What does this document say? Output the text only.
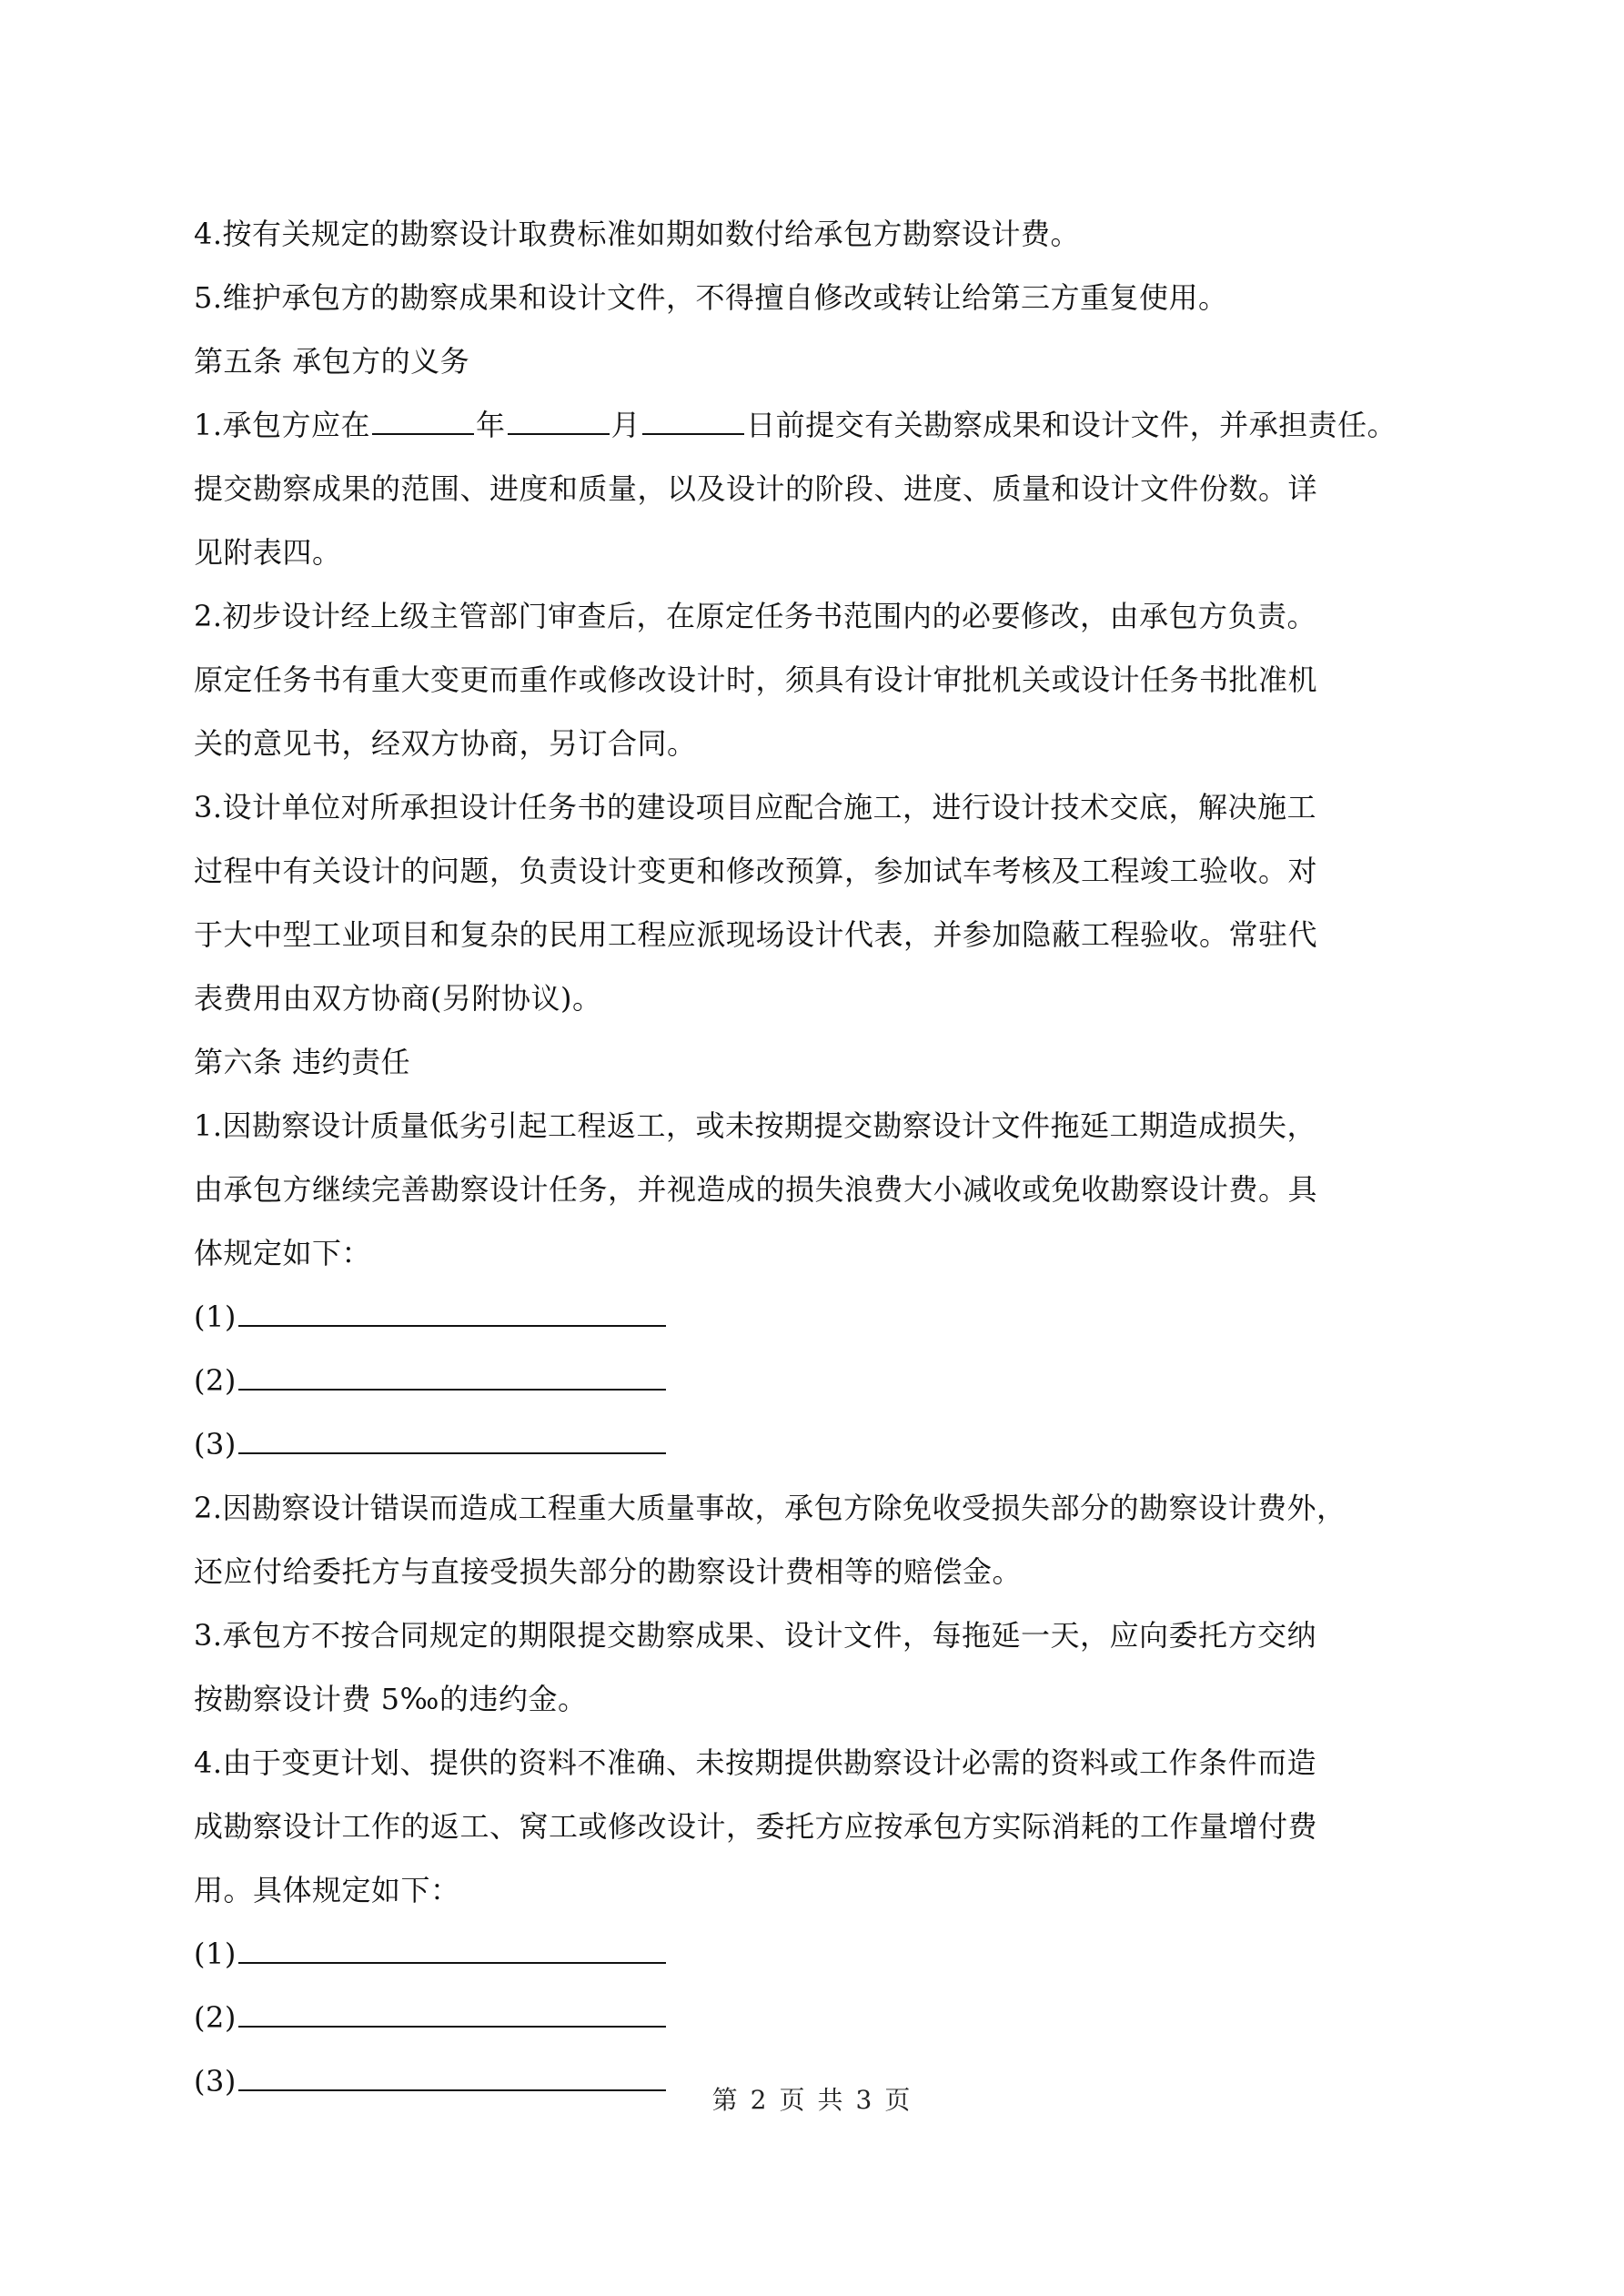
4.按有关规定的勘察设计取费标准如期如数付给承包方勘察设计费。
5.维护承包方的勘察成果和设计文件，不得擅自修改或转让给第三方重复使用。
第五条 承包方的义务
1.承包方应在	年	月	日前提交有关勘察成果和设计文件，并承担责任。
提交勘察成果的范围、进度和质量，以及设计的阶段、进度、质量和设计文件份数。详
见附表四。
2.初步设计经上级主管部门审查后，在原定任务书范围内的必要修改，由承包方负责。
原定任务书有重大变更而重作或修改设计时，须具有设计审批机关或设计任务书批准机
关的意见书，经双方协商，另订合同。
3.设计单位对所承担设计任务书的建设项目应配合施工，进行设计技术交底，解决施工
过程中有关设计的问题，负责设计变更和修改预算，参加试车考核及工程竣工验收。对
于大中型工业项目和复杂的民用工程应派现场设计代表，并参加隐蔽工程验收。常驻代
表费用由双方协商(另附协议)。
第六条 违约责任
1.因勘察设计质量低劣引起工程返工，或未按期提交勘察设计文件拖延工期造成损失，
由承包方继续完善勘察设计任务，并视造成的损失浪费大小减收或免收勘察设计费。具
体规定如下：
(1)
(2)
(3)
2.因勘察设计错误而造成工程重大质量事故，承包方除免收受损失部分的勘察设计费外，
还应付给委托方与直接受损失部分的勘察设计费相等的赔偿金。
3.承包方不按合同规定的期限提交勘察成果、设计文件，每拖延一天，应向委托方交纳
按勘察设计费 5‰的违约金。
4.由于变更计划、提供的资料不准确、未按期提供勘察设计必需的资料或工作条件而造
成勘察设计工作的返工、窝工或修改设计，委托方应按承包方实际消耗的工作量增付费
用。具体规定如下：
(1)
(2)
(3)
第 2 页 共 3 页
